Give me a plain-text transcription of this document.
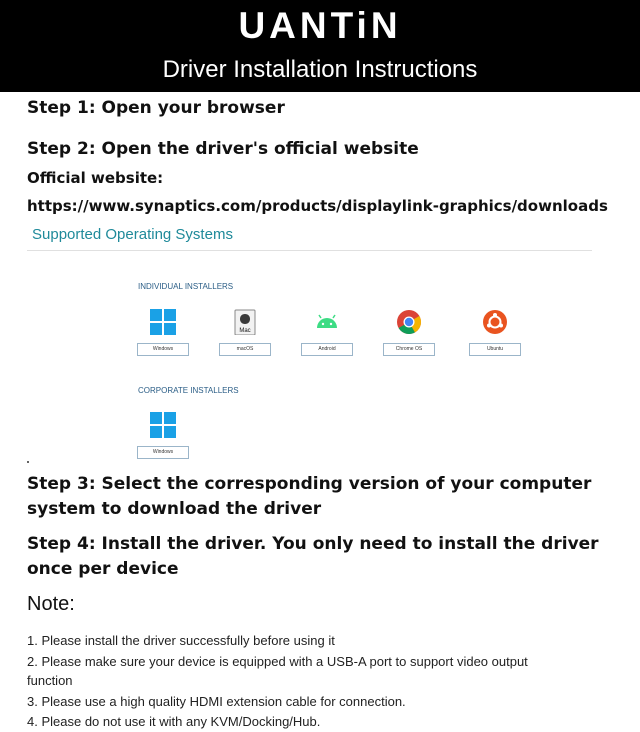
UANTiN
Driver Installation Instructions
Step 1: Open your browser
Step 2: Open the driver's official website
Official website:
https://www.synaptics.com/products/displaylink-graphics/downloads
Supported Operating Systems
INDIVIDUAL INSTALLERS
Windows
Mac
macOS	Android	Chrome OS	Ubuntu
CORPORATE INSTALLERS
Windows
Step 3: Select the corresponding version of your computer
system to download the driver
Step 4: Install the driver. You only need to install the driver
once per device
Note:
1. Please install the driver successfully before using it
2. Please make sure your device is equipped with a USB-A port to support video output
function
3. Please use a high quality HDMI extension cable for connection.
4. Please do not use it with any KVM/Docking/Hub.
